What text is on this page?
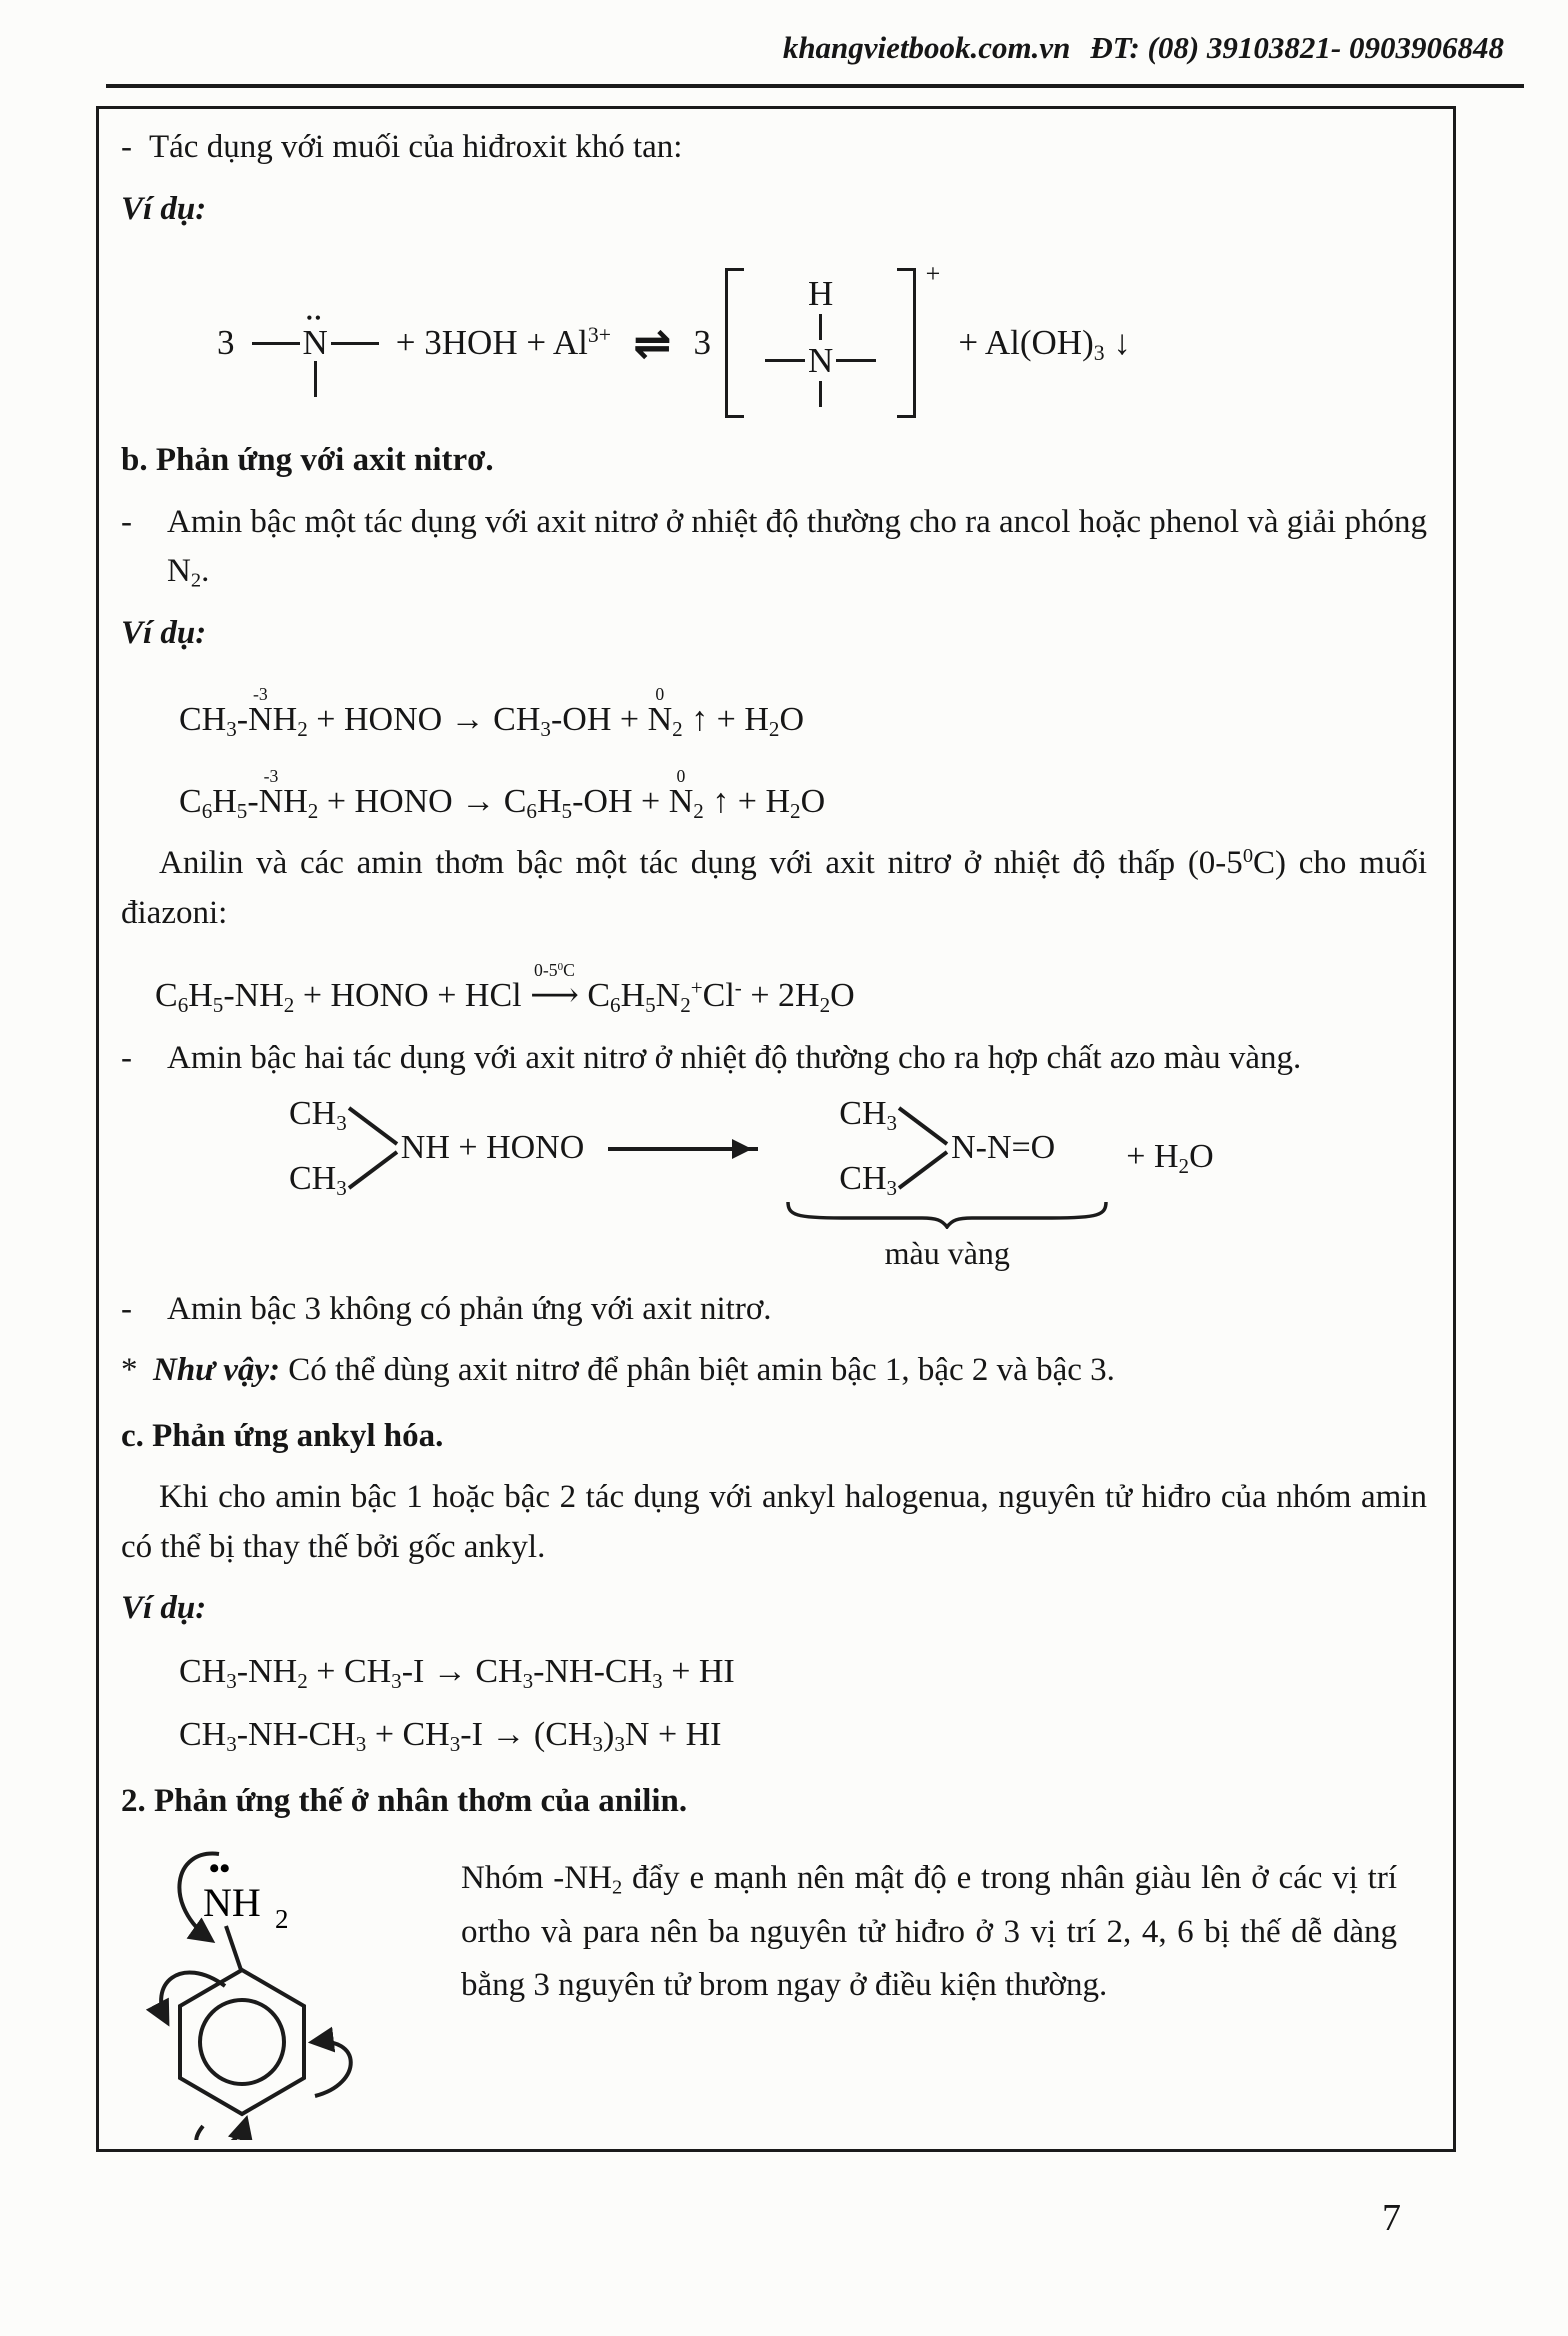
khangvietbook.com.vn ĐT: (08) 39103821- 0903906848
- Tác dụng với muối của hiđroxit khó tan:

Ví dụ:

3
••
$N + 3HOH + Al^{3+}$ ⇌ 3
H
N
+
+ $Al(OH)_3$ ↓

b. Phản ứng với axit nitrơ.

-	Amin bậc một tác dụng với axit nitrơ ở nhiệt độ thường cho ra ancol hoặc phenol và giải phóng $N_2$.

Ví dụ:

$CH_3-$
-3
$NH_2$ + HONO → $CH_3-OH$ +
0
$N_2$ ↑ + $H_2O$

$C_6H_5-$
-3
$NH_2$ + HONO → $C_6H_5-OH$ +
0
$N_2$ ↑ + $H_2O$

Anilin và các amin thơm bậc một tác dụng với axit nitrơ ở nhiệt độ thấp $(0-5^0C)$ cho muối điazoni:

$C_6H_5-NH_2$ + HONO + HCl
$0-5^0C$
⟶ $C_6H_5N_2^+Cl^- + 2H_2O$

-	Amin bậc hai tác dụng với axit nitrơ ở nhiệt độ thường cho ra hợp chất azo màu vàng.
$CH_3$
$CH_3$
NH + HONO
$CH_3$
$CH_3$
N-N=O
màu vàng
+ $H_2O$
-	Amin bậc 3 không có phản ứng với axit nitrơ.
* Như vậy: Có thể dùng axit nitrơ để phân biệt amin bậc 1, bậc 2 và bậc 3.

c. Phản ứng ankyl hóa.

Khi cho amin bậc 1 hoặc bậc 2 tác dụng với ankyl halogenua, nguyên tử hiđro của nhóm amin có thể bị thay thế bởi gốc ankyl.

Ví dụ:

$CH_3-NH_2 + CH_3-I \to CH_3-NH-CH_3$ + HI

$CH_3-NH-CH_3 + CH_3-I \to (CH_3)_3N$ + HI

2. Phản ứng thế ở nhân thơm của anilin.

••
NH 2

Nhóm $-NH_2$ đẩy e mạnh nên mật độ e trong nhân giàu lên ở các vị trí ortho và para nên ba nguyên tử hiđro ở 3 vị trí 2, 4, 6 bị thế dễ dàng bằng 3 nguyên tử brom ngay ở điều kiện thường.

7
